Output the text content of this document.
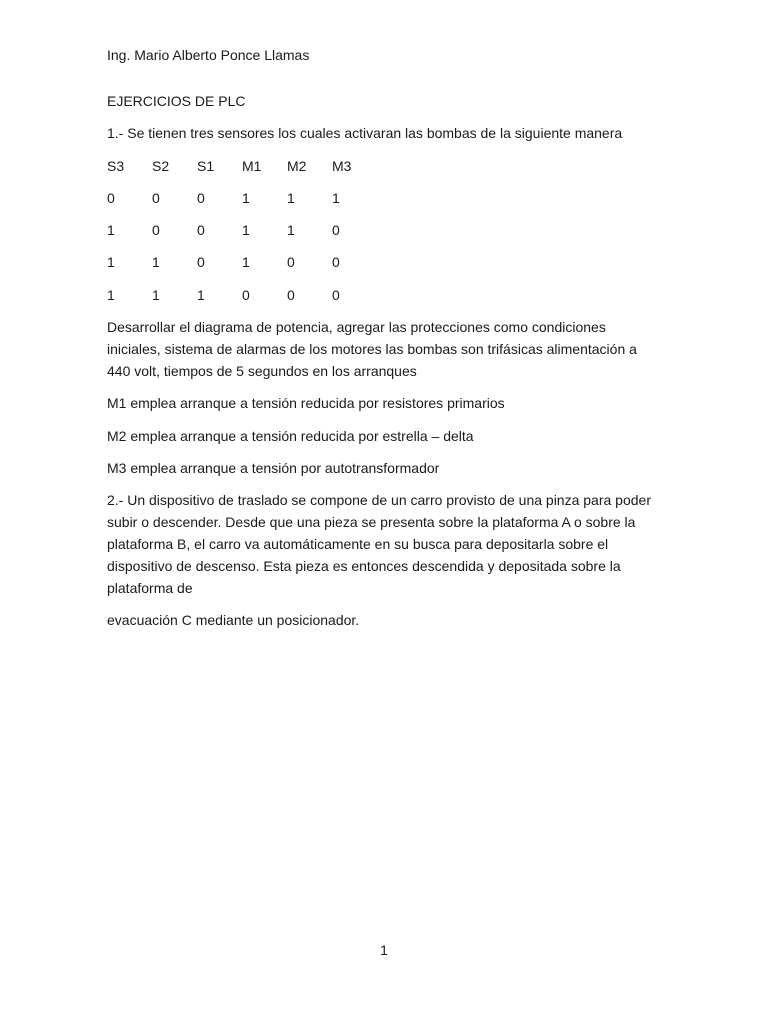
Ing. Mario Alberto Ponce Llamas
EJERCICIOS DE PLC
1.- Se tienen tres sensores los cuales activaran las bombas de la siguiente manera
S3 S2 S1 M1 M2 M3
0	0	0	1	1	1
1	0	0	1	1	0
1	1	0	1	0	0
1	1	1	0	0	0
Desarrollar el diagrama de potencia, agregar las protecciones como condiciones iniciales, sistema de alarmas de los motores las bombas son trifásicas alimentación a 440 volt, tiempos de 5 segundos en los arranques
M1 emplea arranque a tensión reducida por resistores primarios
M2 emplea arranque a tensión reducida por estrella – delta
M3 emplea arranque a tensión por autotransformador
2.- Un dispositivo de traslado se compone de un carro provisto de una pinza para poder subir o descender. Desde que una pieza se presenta sobre la plataforma A o sobre la plataforma B, el carro va automáticamente en su busca para depositarla sobre el dispositivo de descenso. Esta pieza es entonces descendida y depositada sobre la plataforma de
evacuación C mediante un posicionador.
1
